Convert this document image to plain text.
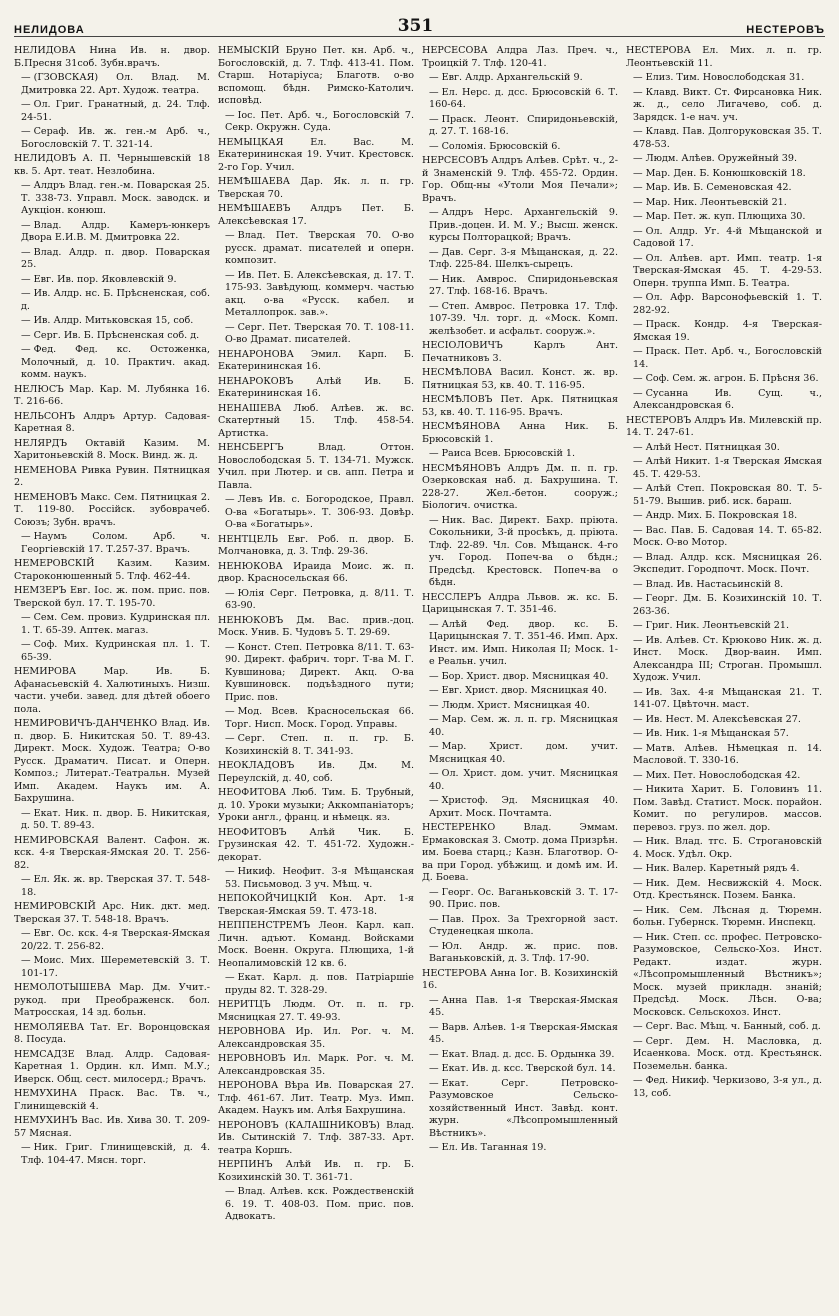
НЕЛИДОВА	351	НЕСТЕРОВЪ

НЕЛИДОВА Нина Ив. н. двор. Б.Пресня 31соб. Зубн.врачъ.

— (ГЗОВСКАЯ) Ол. Влад. М. Дмитровка 22. Арт. Худож. театра.

— Ол. Григ. Гранатный, д. 24. Тлф. 24-51.

— Сераф. Ив. ж. ген.-м Арб. ч., Богословскій 7. Т. 321-14.

НЕЛИДОВЪ А. П. Чернышевскій 18 кв. 5. Арт. теат. Незлобина.

— Алдръ Влад. ген.-м. Поварская 25. Т. 338-73. Управл. Моск. заводск. и Аукціон. конюш.

— Влад. Алдр. Камеръ-юнкеръ Двора Е.И.В. М. Дмитровка 22.

— Влад. Алдр. п. двор. Поварская 25.

— Евг. Ив. пор. Яковлевскій 9.

— Ив. Алдр. нс. Б. Прѣсненская, соб. д.

— Ив. Алдр. Митьковская 15, соб.

— Серг. Ив. Б. Прѣсненская соб. д.

— Фед. Фед. кс. Остоженка, Молочный, д. 10. Практич. акад. комм. наукъ.

НЕЛЮСЪ Мар. Кар. М. Лубянка 16. Т. 216-66.

НЕЛЬСОНЪ Алдръ Артур. Садовая-Каретная 8.

НЕЛЯРДЪ Октавій Казим. М. Харитоньевскій 8. Моск. Винд. ж. д.

НЕМЕНОВА Ривка Рувин. Пятницкая 2.

НЕМЕНОВЪ Макс. Сем. Пятницкая 2. Т. 119-80. Россійск. зубоврачеб. Союзъ; Зубн. врачъ.

— Наумъ Солом. Арб. ч. Георгіевскій 17. Т.257-37. Врачъ.

НЕМЕРОВСКІЙ Казим. Казим. Староконюшенный 5. Тлф. 462-44.

НЕМЗЕРЪ Евг. Іос. ж. пом. прис. пов. Тверской бул. 17. Т. 195-70.

— Сем. Сем. провиз. Кудринская пл. 1. Т. 65-39. Аптек. магаз.

— Соф. Мих. Кудринская пл. 1. Т. 65-39.

НЕМИРОВА Мар. Ив. Б. Афанасьевскій 4. Халютиныхъ. Низш. части. учеби. завед. для дѣтей обоего пола.

НЕМИРОВИЧЪ-ДАНЧЕНКО Влад. Ив. п. двор. Б. Никитская 50. Т. 89-43. Директ. Моск. Худож. Театра; О-во Русск. Драматич. Писат. и Оперн. Композ.; Литерат.-Театральн. Музей Имп. Академ. Наукъ им. А. Бахрушина.

— Екат. Ник. п. двор. Б. Никитская, д. 50. Т. 89-43.

НЕМИРОВСКАЯ Валент. Сафон. ж. кск. 4-я Тверская-Ямская 20. Т. 256-82.

— Ел. Як. ж. вр. Тверская 37. Т. 548-18.

НЕМИРОВСКІЙ Арс. Ник. дкт. мед. Тверская 37. Т. 548-18. Врачъ.

— Евг. Ос. кск. 4-я Тверская-Ямская 20/22. Т. 256-82.

— Моис. Мих. Шереметевскій 3. Т. 101-17.

НЕМОЛОТЫШЕВА Мар. Дм. Учит.-рукод. при Преображенск. бол. Матросская, 14 зд. больн.

НЕМОЛЯЕВА Тат. Ег. Воронцовская 8. Посуда.

НЕМСАДЗЕ Влад. Алдр. Садовая-Каретная 1. Ордин. кл. Имп. М.У.; Иверск. Общ. сест. милосерд.; Врачъ.

НЕМУХИНА Праск. Вас. Тв. ч., Глинищевскій 4.

НЕМУХИНЪ Вас. Ив. Хива 30. Т. 209-57 Мясная.

— Ник. Григ. Глинищевскій, д. 4. Тлф. 104-47. Мясн. торг.

НЕМЫСКІЙ Бруно Пет. кн. Арб. ч., Богословскій, д. 7. Тлф. 413-41. Пом. Старш. Нотаріуса; Благотв. о-во вспомощ. бѣдн. Римско-Католич. исповѣд.

— Іос. Пет. Арб. ч., Богословскій 7. Секр. Окружн. Суда.

НЕМЫЦКАЯ Ел. Вас. М. Екатерининская 19. Учит. Крестовск. 2-го Гор. Учил.

НЕМѢШАЕВА Дар. Як. л. п. гр. Тверская 70.

НЕМѢШАЕВЪ Алдръ Пет. Б. Алексѣевская 17.

— Влад. Пет. Тверская 70. О-во русск. драмат. писателей и оперн. композит.

— Ив. Пет. Б. Алексѣевская, д. 17. Т. 175-93. Завѣдующ. коммерч. частью акц. о-ва «Русск. кабел. и Металлопрок. зав.».

— Серг. Пет. Тверская 70. Т. 108-11. О-во Драмат. писателей.

НЕНАРОНОВА Эмил. Карп. Б. Екатерининская 16.

НЕНАРОКОВЪ Алѣй Ив. Б. Екатерининская 16.

НЕНАШЕВА Люб. Алѣев. ж. вс. Скатертный 15. Тлф. 458-54. Артистка.

НЕНСБЕРГЪ Влад. Оттон. Новослободская 5. Т. 134-71. Мужск. Учил. при Лютер. и св. апп. Петра и Павла.

— Левъ Ив. с. Богородское, Правл. О-ва «Богатырь». Т. 306-93. Довѣр. О-ва «Богатырь».

НЕНТЦЕЛЬ Евг. Роб. п. двор. Б. Молчановка, д. 3. Тлф. 29-36.

НЕНЮКОВА Ираида Моис. ж. п. двор. Красносельская 66.

— Юлія Серг. Петровка, д. 8/11. Т. 63-90.

НЕНЮКОВЪ Дм. Вас. прив.-доц. Моск. Унив. Б. Чудовъ 5. Т. 29-69.

— Конст. Степ. Петровка 8/11. Т. 63-90. Директ. фабрич. торг. Т-ва М. Г. Кувшинова; Директ. Акц. О-ва Кувшиновск. подъѣздного пути; Прис. пов.

— Мод. Всев. Красносельская 66. Торг. Нисп. Моск. Город. Управы.

— Серг. Степ. п. п. гр. Б. Козихинскій 8. Т. 341-93.

НЕОКЛАДОВЪ Ив. Дм. М. Переулскій, д. 40, соб.

НЕОФИТОВА Люб. Тим. Б. Трубный, д. 10. Уроки музыки; Аккомпаніаторъ; Уроки англ., франц. и нѣмецк. яз.

НЕОФИТОВЪ Алѣй Чик. Б. Грузинская 42. Т. 451-72. Художн.-декорат.

— Никиф. Неофит. 3-я Мѣщанская 53. Письмовод. 3 уч. Мѣщ. ч.

НЕПОКОЙЧИЦКІЙ Кон. Арт. 1-я Тверская-Ямская 59. Т. 473-18.

НЕППЕНСТРЕМЪ Леон. Карл. кап. Личн. адъют. Команд. Войсками Моск. Военн. Округа. Плющиха, 1-й Неопалимовскій 12 кв. 6.

— Екат. Карл. д. пов. Патріаршіе пруды 82. Т. 328-29.

НЕРИТЦЪ Людм. От. п. п. гр. Мясницкая 27. Т. 49-93.

НЕРОВНОВА Ир. Ил. Рог. ч. М. Александровская 35.

НЕРОВНОВЪ Ил. Марк. Рог. ч. М. Александровская 35.

НЕРОНОВА Вѣра Ив. Поварская 27. Тлф. 461-67. Лит. Театр. Муз. Имп. Академ. Наукъ им. Алѣя Бахрушина.

НЕРОНОВЪ (КАЛАШНИКОВЪ) Влад. Ив. Сытинскій 7. Тлф. 387-33. Арт. театра Коршъ.

НЕРПИНЪ Алѣй Ив. п. гр. Б. Козихинскій 30. Т. 361-71.

— Влад. Алѣев. кск. Рождественскій 6. 19. Т. 408-03. Пом. прис. пов. Адвокатъ.

НЕРСЕСОВА Алдра Лаз. Преч. ч., Троицкій 7. Тлф. 120-41.

— Евг. Алдр. Архангельскій 9.

— Ел. Нерс. д. дсс. Брюсовскій 6. Т. 160-64.

— Праск. Леонт. Спиридоньевскій, д. 27. Т. 168-16.

— Соломія. Брюсовскій 6.

НЕРСЕСОВЪ Алдръ Алѣев. Срѣт. ч., 2-й Знаменскій 9. Тлф. 455-72. Ордин. Гор. Общ-ны «Утоли Моя Печали»; Врачъ.

— Алдръ Нерс. Архангельскій 9. Прив.-доцен. И. М. У.; Высш. женск. курсы Полторацкой; Врачъ.

— Дав. Серг. 3-я Мѣщанская, д. 22. Тлф. 225-84. Шелкъ-сырецъ.

— Ник. Амврос. Спиридоньевская 27. Тлф. 168-16. Врачъ.

— Степ. Амврос. Петровка 17. Тлф. 107-39. Чл. торг. д. «Моск. Комп. желѣзобет. и асфальт. сооруж.».

НЕСІОЛОВИЧЪ Карлъ Ант. Печатниковъ 3.

НЕСМѢЛОВА Васил. Конст. ж. вр. Пятницкая 53, кв. 40. Т. 116-95.

НЕСМѢЛОВЪ Пет. Арк. Пятницкая 53, кв. 40. Т. 116-95. Врачъ.

НЕСМѢЯНОВА Анна Ник. Б. Брюсовскій 1.

— Раиса Всев. Брюсовскій 1.

НЕСМѢЯНОВЪ Алдръ Дм. п. п. гр. Озерковская наб. д. Бахрушина. Т. 228-27. Жел.-бетон. сооруж.; Біологич. очистка.

— Ник. Вас. Директ. Бахр. пріюта. Сокольники, 3-й просѣкъ, д. пріюта. Тлф. 22-89. Чл. Сов. Мѣщанск. 4-го уч. Город. Попеч-ва о бѣдн.; Предсѣд. Крестовск. Попеч-ва о бѣдн.

НЕССЛЕРЪ Алдра Львов. ж. кс. Б. Царицынская 7. Т. 351-46.

— Алѣй Фед. двор. кс. Б. Царицынская 7. Т. 351-46. Имп. Арх. Инст. им. Имп. Николая II; Моск. 1-е Реальн. учил.

— Бор. Христ. двор. Мясницкая 40.

— Евг. Христ. двор. Мясницкая 40.

— Людм. Христ. Мясницкая 40.

— Мар. Сем. ж. л. п. гр. Мясницкая 40.

— Мар. Христ. дом. учит. Мясницкая 40.

— Ол. Христ. дом. учит. Мясницкая 40.

— Христоф. Эд. Мясницкая 40. Архит. Моск. Почтамта.

НЕСТЕРЕНКО Влад. Эммам. Ермаковская 3. Смотр. дома Призрѣн. им. Боева старц.; Казн. Благотвор. О-ва при Город. убѣжищ. и домѣ им. И. Д. Боева.

— Георг. Ос. Ваганьковскій 3. Т. 17-90. Прис. пов.

— Пав. Прох. За Трехгорной заст. Студенецкая школа.

— Юл. Андр. ж. прис. пов. Ваганьковскій, д. 3. Тлф. 17-90.

НЕСТЕРОВА Анна Іог. В. Козихинскій 16.

— Анна Пав. 1-я Тверская-Ямская 45.

— Варв. Алѣев. 1-я Тверская-Ямская 45.

— Екат. Влад. д. дсс. Б. Ордынка 39.

— Екат. Ив. д. ксс. Тверской бул. 14.

— Екат. Серг. Петровско-Разумовское Сельско-хозяйственный Инст. Завѣд. конт. журн. «Лѣсопромышленный Вѣстникъ».

— Ел. Ив. Таганная 19.

НЕСТЕРОВА Ел. Мих. л. п. гр. Леонтьевскій 11.

— Елиз. Тим. Новослободская 31.

— Клавд. Викт. Ст. Фирсановка Ник. ж. д., село Лигачево, соб. д. Зарядск. 1-е нач. уч.

— Клавд. Пав. Долгоруковская 35. Т. 478-53.

— Людм. Алѣев. Оружейный 39.

— Мар. Ден. Б. Конюшковскій 18.

— Мар. Ив. Б. Семеновская 42.

— Мар. Ник. Леонтьевскій 21.

— Мар. Пет. ж. куп. Плющиха 30.

— Ол. Алдр. Уг. 4-й Мѣщанской и Садовой 17.

— Ол. Алѣев. арт. Имп. театр. 1-я Тверская-Ямская 45. Т. 4-29-53. Оперн. труппа Имп. Б. Театра.

— Ол. Афр. Варсонофьевскій 1. Т. 282-92.

— Праск. Кондр. 4-я Тверская-Ямская 19.

— Праск. Пет. Арб. ч., Богословскій 14.

— Соф. Сем. ж. агрон. Б. Прѣсня 36.

— Сусанна Ив. Сущ. ч., Александровская 6.

НЕСТЕРОВЪ Алдръ Ив. Милевскій пр. 14. Т. 247-61.

— Алѣй Нест. Пятницкая 30.

— Алѣй Никит. 1-я Тверская Ямская 45. Т. 429-53.

— Алѣй Степ. Покровская 80. Т. 5-51-79. Вышив. риб. иск. бараш.

— Андр. Мих. Б. Покровская 18.

— Вас. Пав. Б. Садовая 14. Т. 65-82. Моск. О-во Мотор.

— Влад. Алдр. кск. Мясницкая 26. Экспедит. Городпочт. Моск. Почт.

— Влад. Ив. Настасьинскій 8.

— Георг. Дм. Б. Козихинскій 10. Т. 263-36.

— Григ. Ник. Леонтьевскій 21.

— Ив. Алѣев. Ст. Крюково Ник. ж. д. Инст. Моск. Двор-ваин. Имп. Александра III; Строган. Промышл. Худож. Учил.

— Ив. Зах. 4-я Мѣщанская 21. Т. 141-07. Цвѣточн. маст.

— Ив. Нест. М. Алексѣевская 27.

— Ив. Ник. 1-я Мѣщанская 57.

— Матв. Алѣев. Нѣмецкая п. 14. Масловой. Т. 330-16.

— Мих. Пет. Новослободская 42.

— Никита Харит. Б. Головинъ 11. Пом. Завѣд. Статист. Моск. порайон. Комит. по регулиров. массов. перевоз. груз. по жел. дор.

— Ник. Влад. тгс. Б. Строгановскій 4. Моск. Удѣл. Окр.

— Ник. Валер. Каретный рядъ 4.

— Ник. Дем. Несвижскій 4. Моск. Отд. Крестьянск. Позем. Банка.

— Ник. Сем. Лѣсная д. Тюремн. больн. Губернск. Тюремн. Инспекц.

— Ник. Степ. сс. профес. Петровско-Разумовское, Сельско-Хоз. Инст. Редакт. издат. журн. «Лѣсопромышленный Вѣстникъ»; Моск. музей прикладн. знаній; Предсѣд. Моск. Лѣсн. О-ва; Московск. Сельскохоз. Инст.

— Серг. Вас. Мѣщ. ч. Банный, соб. д.

— Серг. Дем. Н. Масловка, д. Исаенкова. Моск. отд. Крестьянск. Поземельн. банка.

— Фед. Никиф. Черкизово, 3-я ул., д. 13, соб.
